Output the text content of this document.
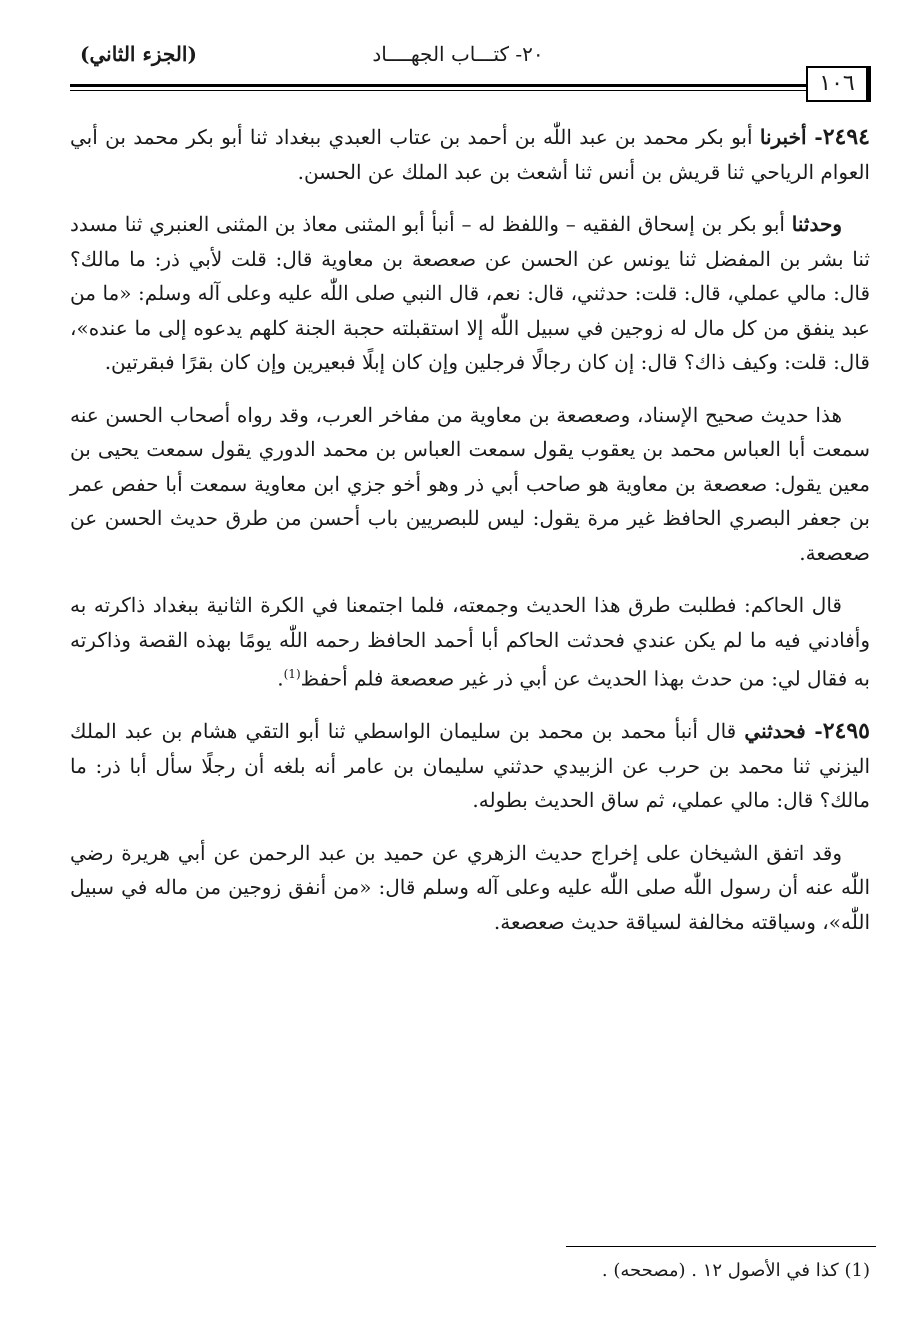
(الجزء الثاني)	٢٠- كتـــاب الجهــــاد
١٠٦

٢٤٩٤- أخبرنا أبو بكر محمد بن عبد اللّٰه بن أحمد بن عتاب العبدي ببغداد ثنا أبو بكر محمد بن أبي العوام الرياحي ثنا قريش بن أنس ثنا أشعث بن عبد الملك عن الحسن.

وحدثنا أبو بكر بن إسحاق الفقيه – واللفظ له – أنبأ أبو المثنى معاذ بن المثنى العنبري ثنا مسدد ثنا بشر بن المفضل ثنا يونس عن الحسن عن صعصعة بن معاوية قال: قلت لأبي ذر: ما مالك؟ قال: مالي عملي، قال: قلت: حدثني، قال: نعم، قال النبي صلى اللّٰه عليه وعلى آله وسلم: «ما من عبد ينفق من كل مال له زوجين في سبيل اللّٰه إلا استقبلته حجبة الجنة كلهم يدعوه إلى ما عنده»، قال: قلت: وكيف ذاك؟ قال: إن كان رجالًا فرجلين وإن كان إبلًا فبعيرين وإن كان بقرًا فبقرتين.

هذا حديث صحيح الإسناد، وصعصعة بن معاوية من مفاخر العرب، وقد رواه أصحاب الحسن عنه سمعت أبا العباس محمد بن يعقوب يقول سمعت العباس بن محمد الدوري يقول سمعت يحيى بن معين يقول: صعصعة بن معاوية هو صاحب أبي ذر وهو أخو جزي ابن معاوية سمعت أبا حفص عمر بن جعفر البصري الحافظ غير مرة يقول: ليس للبصريين باب أحسن من طرق حديث الحسن عن صعصعة.

قال الحاكم: فطلبت طرق هذا الحديث وجمعته، فلما اجتمعنا في الكرة الثانية ببغداد ذاكرته به وأفادني فيه ما لم يكن عندي فحدثت الحاكم أبا أحمد الحافظ رحمه اللّٰه يومًا بهذه القصة وذاكرته به فقال لي: من حدث بهذا الحديث عن أبي ذر غير صعصعة فلم أحفظ$^{(1)}$.

٢٤٩٥- فحدثني قال أنبأ محمد بن محمد بن سليمان الواسطي ثنا أبو التقي هشام بن عبد الملك اليزني ثنا محمد بن حرب عن الزبيدي حدثني سليمان بن عامر أنه بلغه أن رجلًا سأل أبا ذر: ما مالك؟ قال: مالي عملي، ثم ساق الحديث بطوله.

وقد اتفق الشيخان على إخراج حديث الزهري عن حميد بن عبد الرحمن عن أبي هريرة رضي اللّٰه عنه أن رسول اللّٰه صلى اللّٰه عليه وعلى آله وسلم قال: «من أنفق زوجين من ماله في سبيل اللّٰه»، وسياقته مخالفة لسياقة حديث صعصعة.

(1) كذا في الأصول ١٢ . (مصححه) .
